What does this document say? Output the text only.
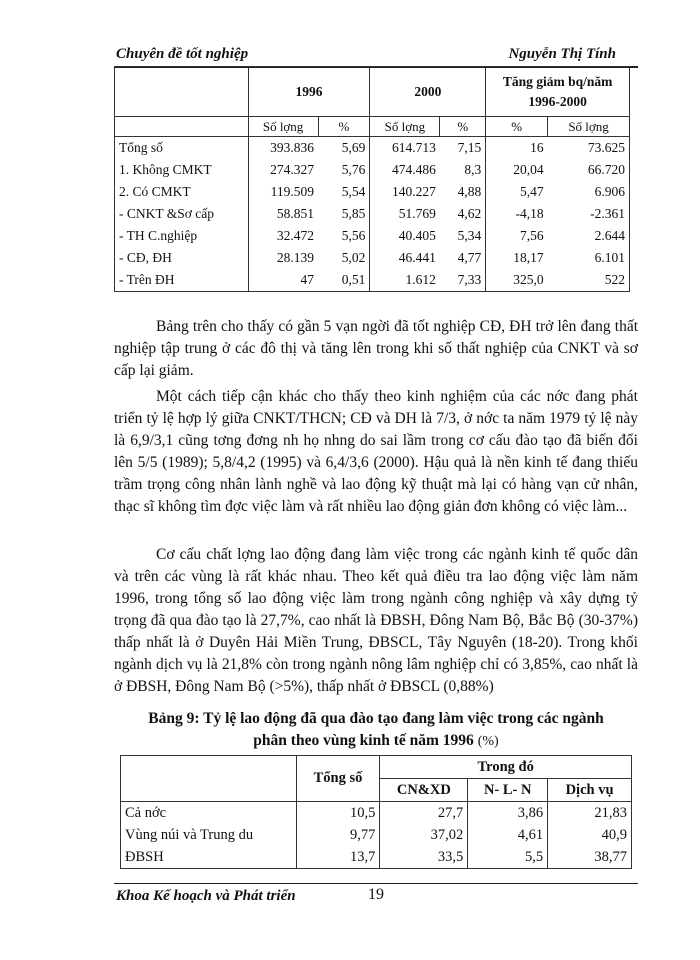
Chuyên đề tốt nghiệp	Nguyễn Thị Tính
	1996		2000		Tăng giảm bq/năm 1996-2000	
	Số lợng	%	Số lợng	%	%	Số lợng
Tổng số	393.836	5,69	614.713	7,15	16	73.625
1. Không CMKT	274.327	5,76	474.486	8,3	20,04	66.720
2. Có CMKT	119.509	5,54	140.227	4,88	5,47	6.906
- CNKT &Sơ cấp	58.851	5,85	51.769	4,62	-4,18	-2.361
- TH C.nghiệp	32.472	5,56	40.405	5,34	7,56	2.644
- CĐ, ĐH	28.139	5,02	46.441	4,77	18,17	6.101
- Trên ĐH	47	0,51	1.612	7,33	325,0	522

Bảng trên cho thấy có gần 5 vạn ngời đã tốt nghiệp CĐ, ĐH trở lên đang thất nghiệp tập trung ở các đô thị và tăng lên trong khi số thất nghiệp của CNKT và sơ cấp lại giảm.

Một cách tiếp cận khác cho thấy theo kinh nghiệm của các nớc đang phát triển tỷ lệ hợp lý giữa CNKT/THCN; CĐ và DH là 7/3, ở nớc ta năm 1979 tỷ lệ này là 6,9/3,1 cũng tơng đơng nh họ nhng do sai lầm trong cơ cấu đào tạo đã biến đổi lên 5/5 (1989); 5,8/4,2 (1995) và 6,4/3,6 (2000). Hậu quả là nền kinh tế đang thiếu trầm trọng công nhân lành nghề và lao động kỹ thuật mà lại có hàng vạn cử nhân, thạc sĩ không tìm đợc việc làm và rất nhiều lao động giản đơn không có việc làm...

Cơ cấu chất lợng lao động đang làm việc trong các ngành kinh tế quốc dân và trên các vùng là rất khác nhau. Theo kết quả điều tra lao động việc làm năm 1996, trong tổng số lao động việc làm trong ngành công nghiệp và xây dựng tỷ trọng đã qua đào tạo là 27,7%, cao nhất là ĐBSH, Đông Nam Bộ, Bắc Bộ (30-37%) thấp nhất là ở Duyên Hải Miền Trung, ĐBSCL, Tây Nguyên (18-20). Trong khối ngành dịch vụ là 21,8% còn trong ngành nông lâm nghiệp chỉ có 3,85%, cao nhất là ở ĐBSH, Đông Nam Bộ (>5%), thấp nhất ở ĐBSCL (0,88%)

Bảng 9: Tỷ lệ lao động đã qua đào tạo đang làm việc trong các ngành
phân theo vùng kinh tế năm 1996 (%)
	Tổng số	Trong đó		
		CN&XD	N- L- N	Dịch vụ
Cả nớc	10,5	27,7	3,86	21,83
Vùng núi và Trung du	9,77	37,02	4,61	40,9
ĐBSH	13,7	33,5	5,5	38,77
Khoa Kế hoạch và Phát triển	19
